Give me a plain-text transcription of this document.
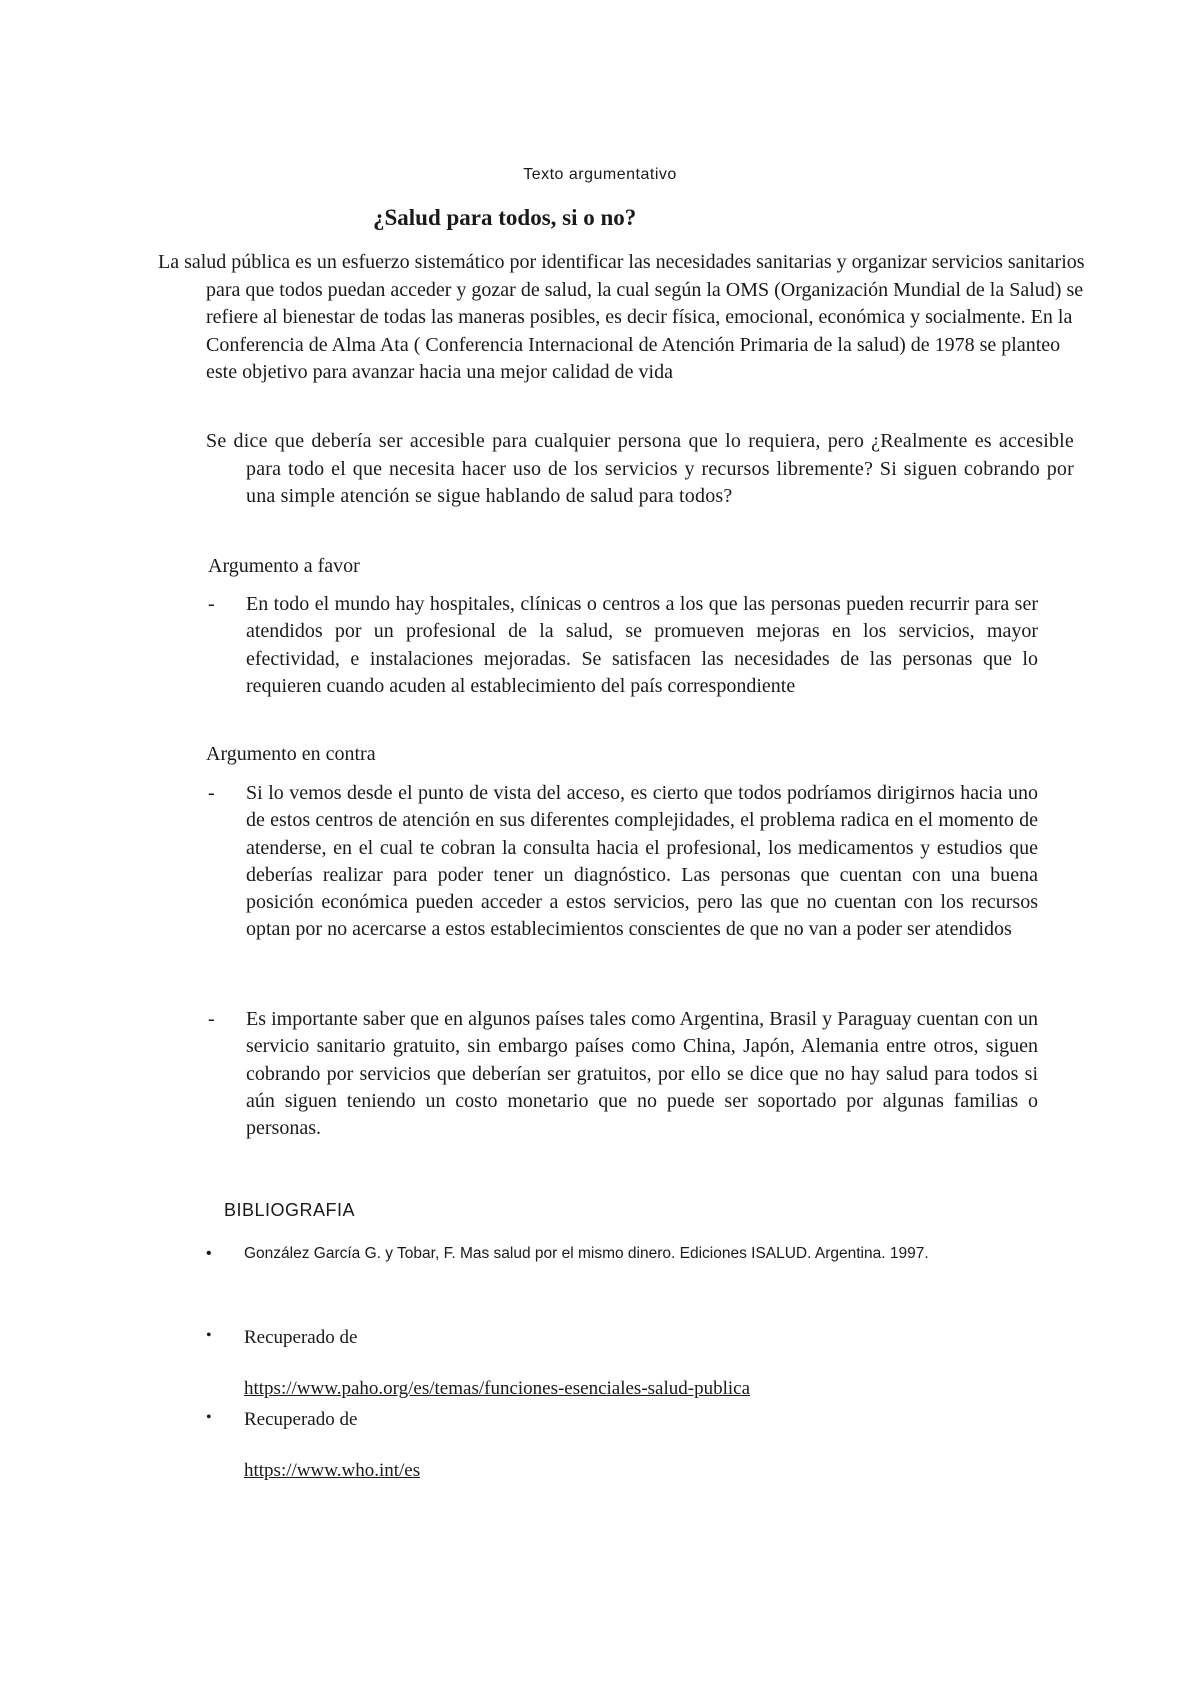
Texto argumentativo

¿Salud para todos, si o no?

La salud pública es un esfuerzo sistemático por identificar las necesidades sanitarias y organizar servicios sanitarios para que todos puedan acceder y gozar de salud, la cual según la OMS (Organización Mundial de la Salud) se refiere al bienestar de todas las maneras posibles, es decir física, emocional, económica y socialmente. En la Conferencia de Alma Ata ( Conferencia Internacional de Atención Primaria de la salud) de 1978 se planteo este objetivo para avanzar hacia una mejor calidad de vida

Se dice que debería ser accesible para cualquier persona que lo requiera, pero ¿Realmente es accesible para todo el que necesita hacer uso de los servicios y recursos libremente? Si siguen cobrando por una simple atención se sigue hablando de salud para todos?

Argumento a favor

- En todo el mundo hay hospitales, clínicas o centros a los que las personas pueden recurrir para ser atendidos por un profesional de la salud, se promueven mejoras en los servicios, mayor efectividad, e instalaciones mejoradas. Se satisfacen las necesidades de las personas que lo requieren cuando acuden al establecimiento del país correspondiente

Argumento en contra

- Si lo vemos desde el punto de vista del acceso, es cierto que todos podríamos dirigirnos hacia uno de estos centros de atención en sus diferentes complejidades, el problema radica en el momento de atenderse, en el cual te cobran la consulta hacia el profesional, los medicamentos y estudios que deberías realizar para poder tener un diagnóstico. Las personas que cuentan con una buena posición económica pueden acceder a estos servicios, pero las que no cuentan con los recursos optan por no acercarse a estos establecimientos conscientes de que no van a poder ser atendidos
- Es importante saber que en algunos países tales como Argentina, Brasil y Paraguay cuentan con un servicio sanitario gratuito, sin embargo países como China, Japón, Alemania entre otros, siguen cobrando por servicios que deberían ser gratuitos, por ello se dice que no hay salud para todos si aún siguen teniendo un costo monetario que no puede ser soportado por algunas familias o personas.

BIBLIOGRAFIA

• González García G. y Tobar, F. Mas salud por el mismo dinero. Ediciones ISALUD. Argentina. 1997.
• Recuperado de
https://www.paho.org/es/temas/funciones-esenciales-salud-publica
• Recuperado de
https://www.who.int/es
